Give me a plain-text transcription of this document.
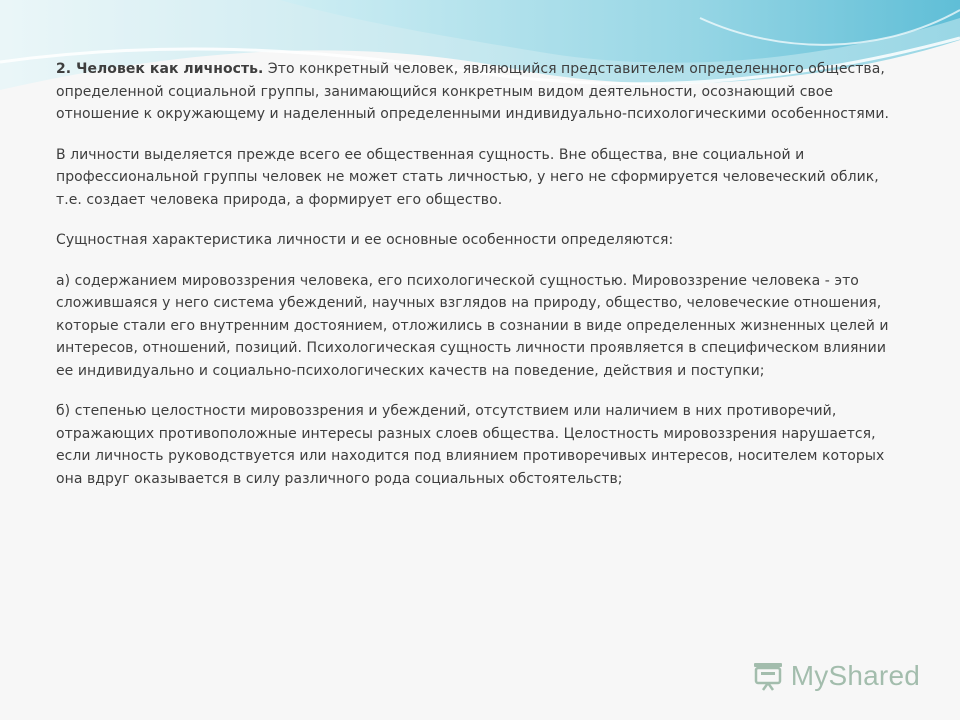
2. Человек как личность. Это конкретный человек, являющийся представителем определенного общества, определенной социальной группы, занимающийся конкретным видом деятельности, осознающий свое отношение к окружающему и наделенный определенными индивидуально-психологическими особенностями.

В личности выделяется прежде всего ее общественная сущность. Вне общества, вне социальной и профессиональной группы человек не может стать личностью, у него не сформируется человеческий облик, т.е. создает человека природа, а формирует его общество.

Сущностная характеристика личности и ее основные особенности определяются:

а) содержанием мировоззрения человека, его психологической сущностью. Мировоззрение человека - это сложившаяся у него система убеждений, научных взглядов на природу, общество, человеческие отношения, которые стали его внутренним достоянием, отложились в сознании в виде определенных жизненных целей и интересов, отношений, позиций. Психологическая сущность личности проявляется в специфическом влиянии ее индивидуально и социально-психологических качеств на поведение, действия и поступки;

б) степенью целостности мировоззрения и убеждений, отсутствием или наличием в них противоречий, отражающих противоположные интересы разных слоев общества. Целостность мировоззрения нарушается, если личность руководствуется или находится под влиянием противоречивых интересов, носителем которых она вдруг оказывается в силу различного рода социальных обстоятельств;

MyShared
